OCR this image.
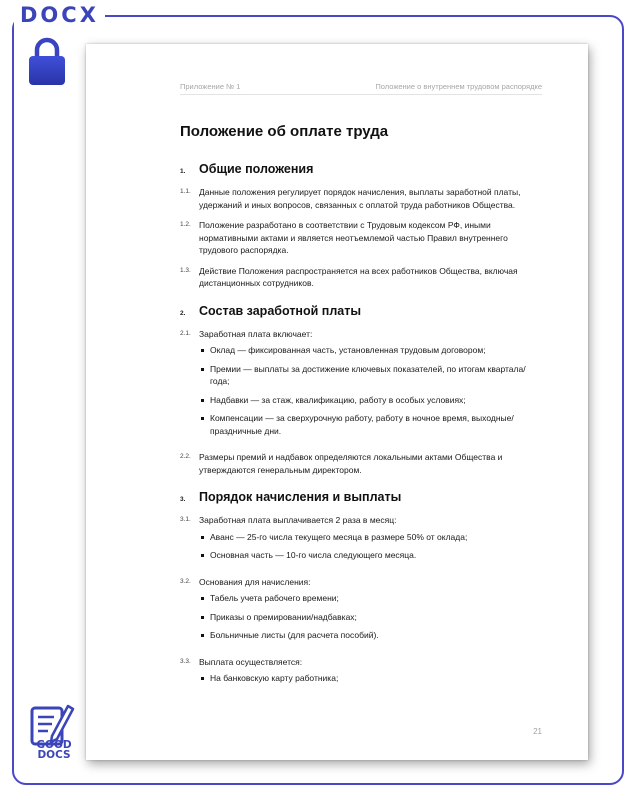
DOCX
GOOD
DOCS
Приложение № 1	Положение о внутреннем трудовом распорядке
Положение об оплате труда
1.	Общие положения
1.1. Данные положения регулирует порядок начисления, выплаты заработной платы, удержаний и иных вопросов, связанных с оплатой труда работников Общества.

1.2. Положение разработано в соответствии с Трудовым кодексом РФ, иными нормативными актами и является неотъемлемой частью Правил внутреннего трудового распорядка.

1.3. Действие Положения распространяется на всех работников Общества, включая дистанционных сотрудников.

2.	Состав заработной платы
2.1. Заработная плата включает:

Оклад — фиксированная часть, установленная трудовым договором;
Премии — выплаты за достижение ключевых показателей, по итогам квартала/года;
Надбавки — за стаж, квалификацию, работу в особых условиях;
Компенсации — за сверхурочную работу, работу в ночное время, выходные/праздничные дни.
2.2. Размеры премий и надбавок определяются локальными актами Общества и утверждаются генеральным директором.

3.	Порядок начисления и выплаты
3.1. Заработная плата выплачивается 2 раза в месяц:

Аванс — 25-го числа текущего месяца в размере 50% от оклада;
Основная часть — 10-го числа следующего месяца.
3.2. Основания для начисления:

Табель учета рабочего времени;
Приказы о премировании/надбавках;
Больничные листы (для расчета пособий).
3.3. Выплата осуществляется:

На банковскую карту работника;
21
